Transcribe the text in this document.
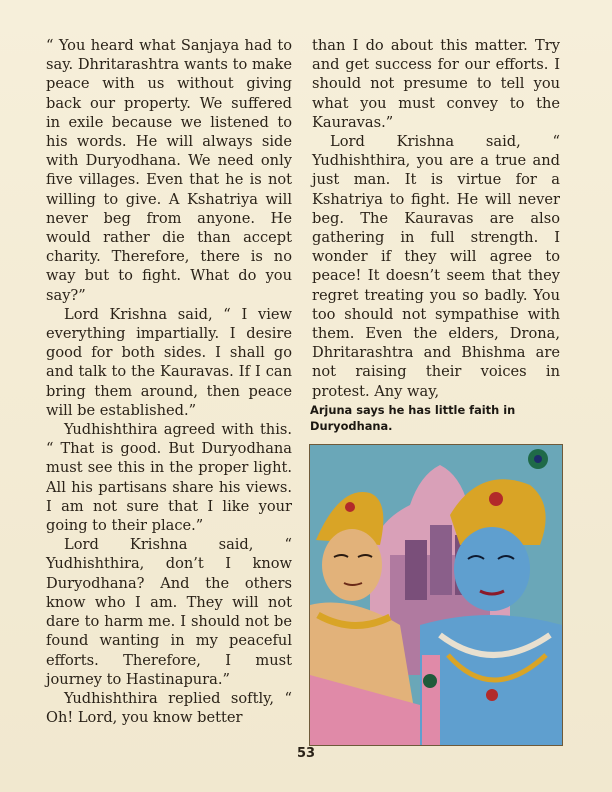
“ You heard what Sanjaya had to say. Dhritarashtra wants to make peace with us without giving back our property. We suffered in exile because we listened to his words. He will always side with Duryodhana. We need only five villages. Even that he is not willing to give. A Kshatriya will never beg from anyone. He would rather die than accept charity. Therefore, there is no way but to fight. What do you say?”

Lord Krishna said, “ I view everything impartially. I desire good for both sides. I shall go and talk to the Kauravas. If I can bring them around, then peace will be established.”

Yudhishthira agreed with this. “ That is good. But Duryodhana must see this in the proper light. All his partisans share his views. I am not sure that I like your going to their place.”

Lord Krishna said, “ Yudhishthira, don’t I know Duryodhana? And the others know who I am. They will not dare to harm me. I should not be found wanting in my peaceful efforts. Therefore, I must journey to Hastinapura.”

Yudhishthira replied softly, “ Oh! Lord, you know better

than I do about this matter. Try and get success for our efforts. I should not presume to tell you what you must convey to the Kauravas.”

Lord Krishna said, “ Yudhishthira, you are a true and just man. It is virtue for a Kshatriya to fight. He will never beg. The Kauravas are also gathering in full strength. I wonder if they will agree to peace! It doesn’t seem that they regret treating you so badly. You too should not sympathise with them. Even the elders, Drona, Dhritarashtra and Bhishma are not raising their voices in protest. Any way,

Arjuna says he has little faith in Duryodhana.
53
